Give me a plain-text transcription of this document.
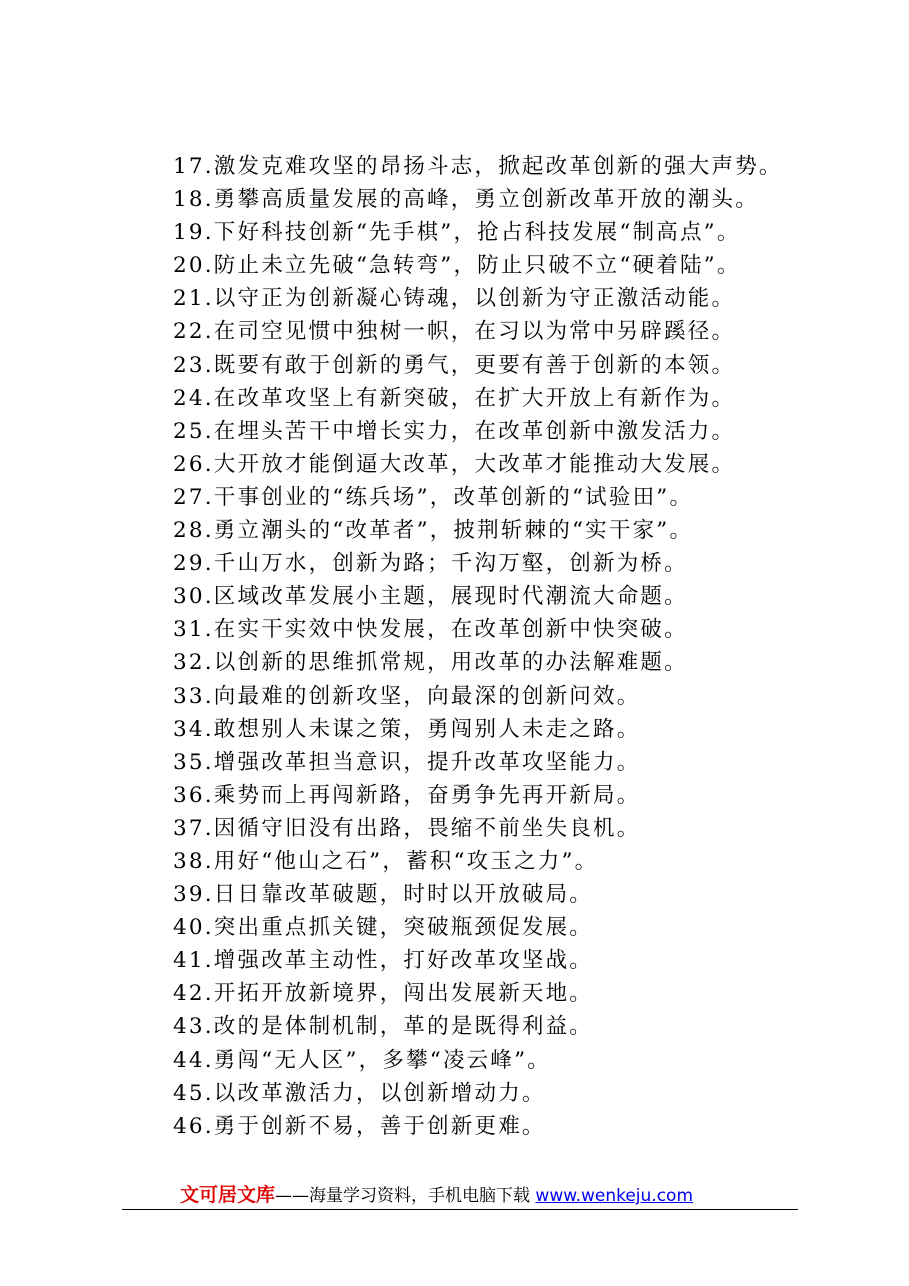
17.激发克难攻坚的昂扬斗志，掀起改革创新的强大声势。
18.勇攀高质量发展的高峰，勇立创新改革开放的潮头。
19.下好科技创新“先手棋”，抢占科技发展“制高点”。
20.防止未立先破“急转弯”，防止只破不立“硬着陆”。
21.以守正为创新凝心铸魂，以创新为守正激活动能。
22.在司空见惯中独树一帜，在习以为常中另辟蹊径。
23.既要有敢于创新的勇气，更要有善于创新的本领。
24.在改革攻坚上有新突破，在扩大开放上有新作为。
25.在埋头苦干中增长实力，在改革创新中激发活力。
26.大开放才能倒逼大改革，大改革才能推动大发展。
27.干事创业的“练兵场”，改革创新的“试验田”。
28.勇立潮头的“改革者”，披荆斩棘的“实干家”。
29.千山万水，创新为路；千沟万壑，创新为桥。
30.区域改革发展小主题，展现时代潮流大命题。
31.在实干实效中快发展，在改革创新中快突破。
32.以创新的思维抓常规，用改革的办法解难题。
33.向最难的创新攻坚，向最深的创新问效。
34.敢想别人未谋之策，勇闯别人未走之路。
35.增强改革担当意识，提升改革攻坚能力。
36.乘势而上再闯新路，奋勇争先再开新局。
37.因循守旧没有出路，畏缩不前坐失良机。
38.用好“他山之石”，蓄积“攻玉之力”。
39.日日靠改革破题，时时以开放破局。
40.突出重点抓关键，突破瓶颈促发展。
41.增强改革主动性，打好改革攻坚战。
42.开拓开放新境界，闯出发展新天地。
43.改的是体制机制，革的是既得利益。
44.勇闯“无人区”，多攀“凌云峰”。
45.以改革激活力，以创新增动力。
46.勇于创新不易，善于创新更难。
文可居文库——海量学习资料，手机电脑下载 www.wenkeju.com
